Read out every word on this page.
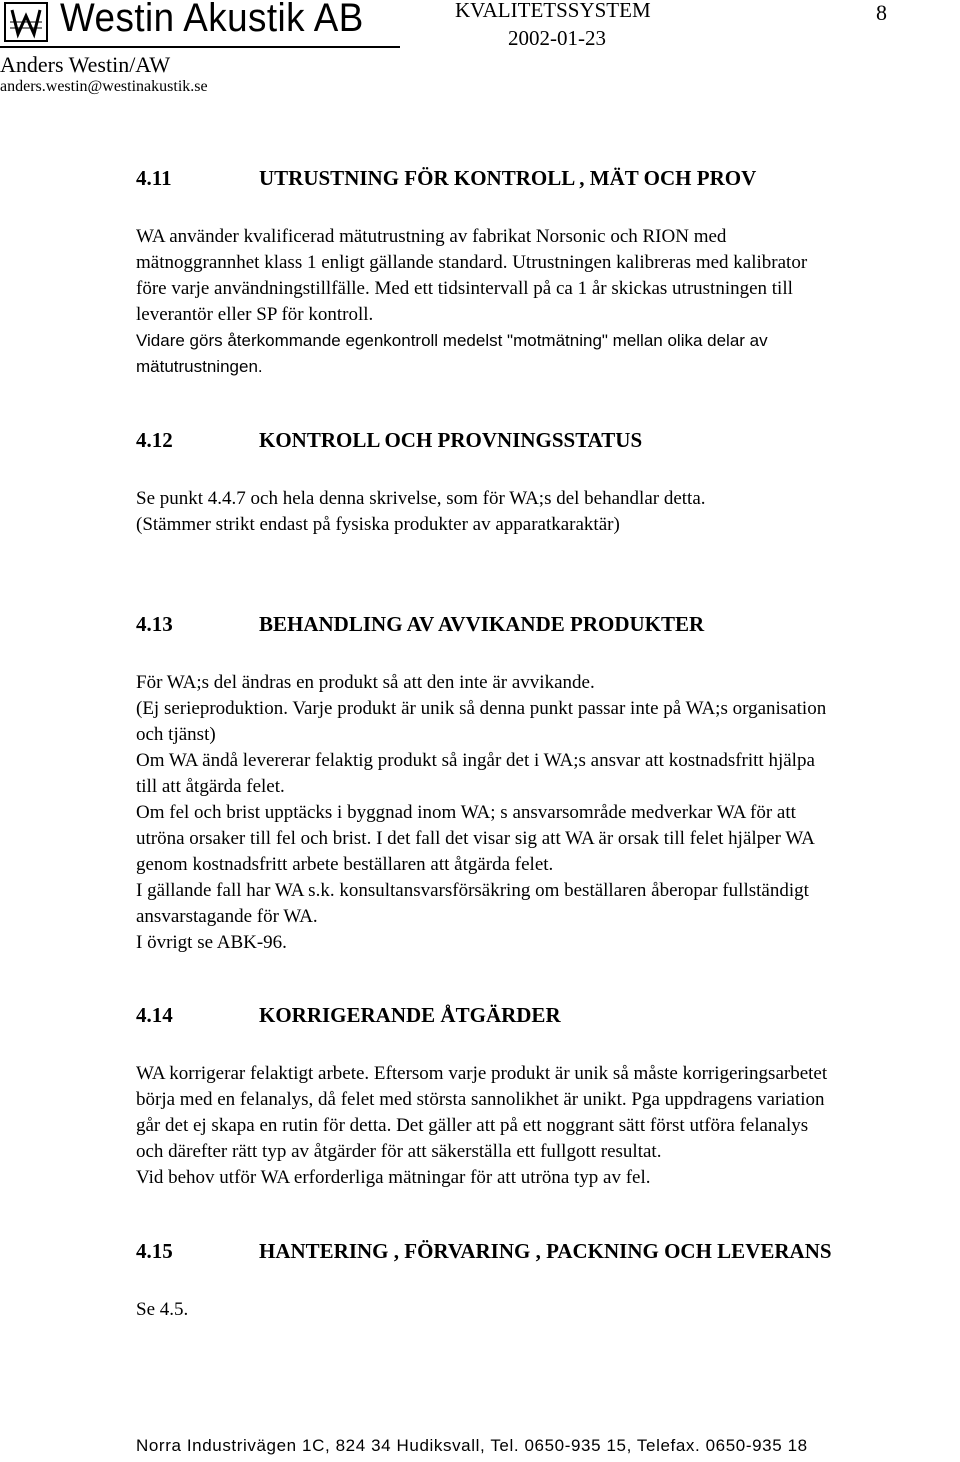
Westin Akustik AB
Anders Westin/AW
anders.westin@westinakustik.se
KVALITETSSYSTEM
2002-01-23
8
4.11	UTRUSTNING FÖR KONTROLL , MÄT OCH PROV
WA använder kvalificerad mätutrustning av fabrikat Norsonic och RION med
mätnoggrannhet klass 1 enligt gällande standard. Utrustningen kalibreras med kalibrator
före varje användningstillfälle. Med ett tidsintervall på ca 1 år skickas utrustningen till
leverantör eller SP för kontroll.
Vidare görs återkommande egenkontroll medelst "motmätning" mellan olika delar av
mätutrustningen.
4.12	KONTROLL OCH PROVNINGSSTATUS
Se punkt 4.4.7 och hela denna skrivelse, som för WA;s del behandlar detta.
(Stämmer strikt endast på fysiska produkter av apparatkaraktär)
4.13	BEHANDLING AV AVVIKANDE PRODUKTER
För WA;s del ändras en produkt så att den inte är avvikande.
(Ej serieproduktion. Varje produkt är unik så denna punkt passar inte på WA;s organisation
och tjänst)
Om WA ändå levererar felaktig produkt så ingår det i WA;s ansvar att kostnadsfritt hjälpa
till att åtgärda felet.
Om fel och brist upptäcks i byggnad inom WA; s ansvarsområde medverkar WA för att
utröna orsaker till fel och brist. I det fall det visar sig att WA är orsak till felet hjälper WA
genom kostnadsfritt arbete beställaren att åtgärda felet.
I gällande fall har WA s.k. konsultansvarsförsäkring om beställaren åberopar fullständigt
ansvarstagande för WA.
I övrigt se ABK-96.
4.14	KORRIGERANDE ÅTGÄRDER
WA korrigerar felaktigt arbete. Eftersom varje produkt är unik så måste korrigeringsarbetet
börja med en felanalys, då felet med största sannolikhet är unikt. Pga uppdragens variation
går det ej skapa en rutin för detta. Det gäller att på ett noggrant sätt först utföra felanalys
och därefter rätt typ av åtgärder för att säkerställa ett fullgott resultat.
Vid behov utför WA erforderliga mätningar för att utröna typ av fel.
4.15	HANTERING , FÖRVARING , PACKNING OCH LEVERANS
Se 4.5.
Norra Industrivägen 1C, 824 34 Hudiksvall, Tel. 0650-935 15, Telefax. 0650-935 18
